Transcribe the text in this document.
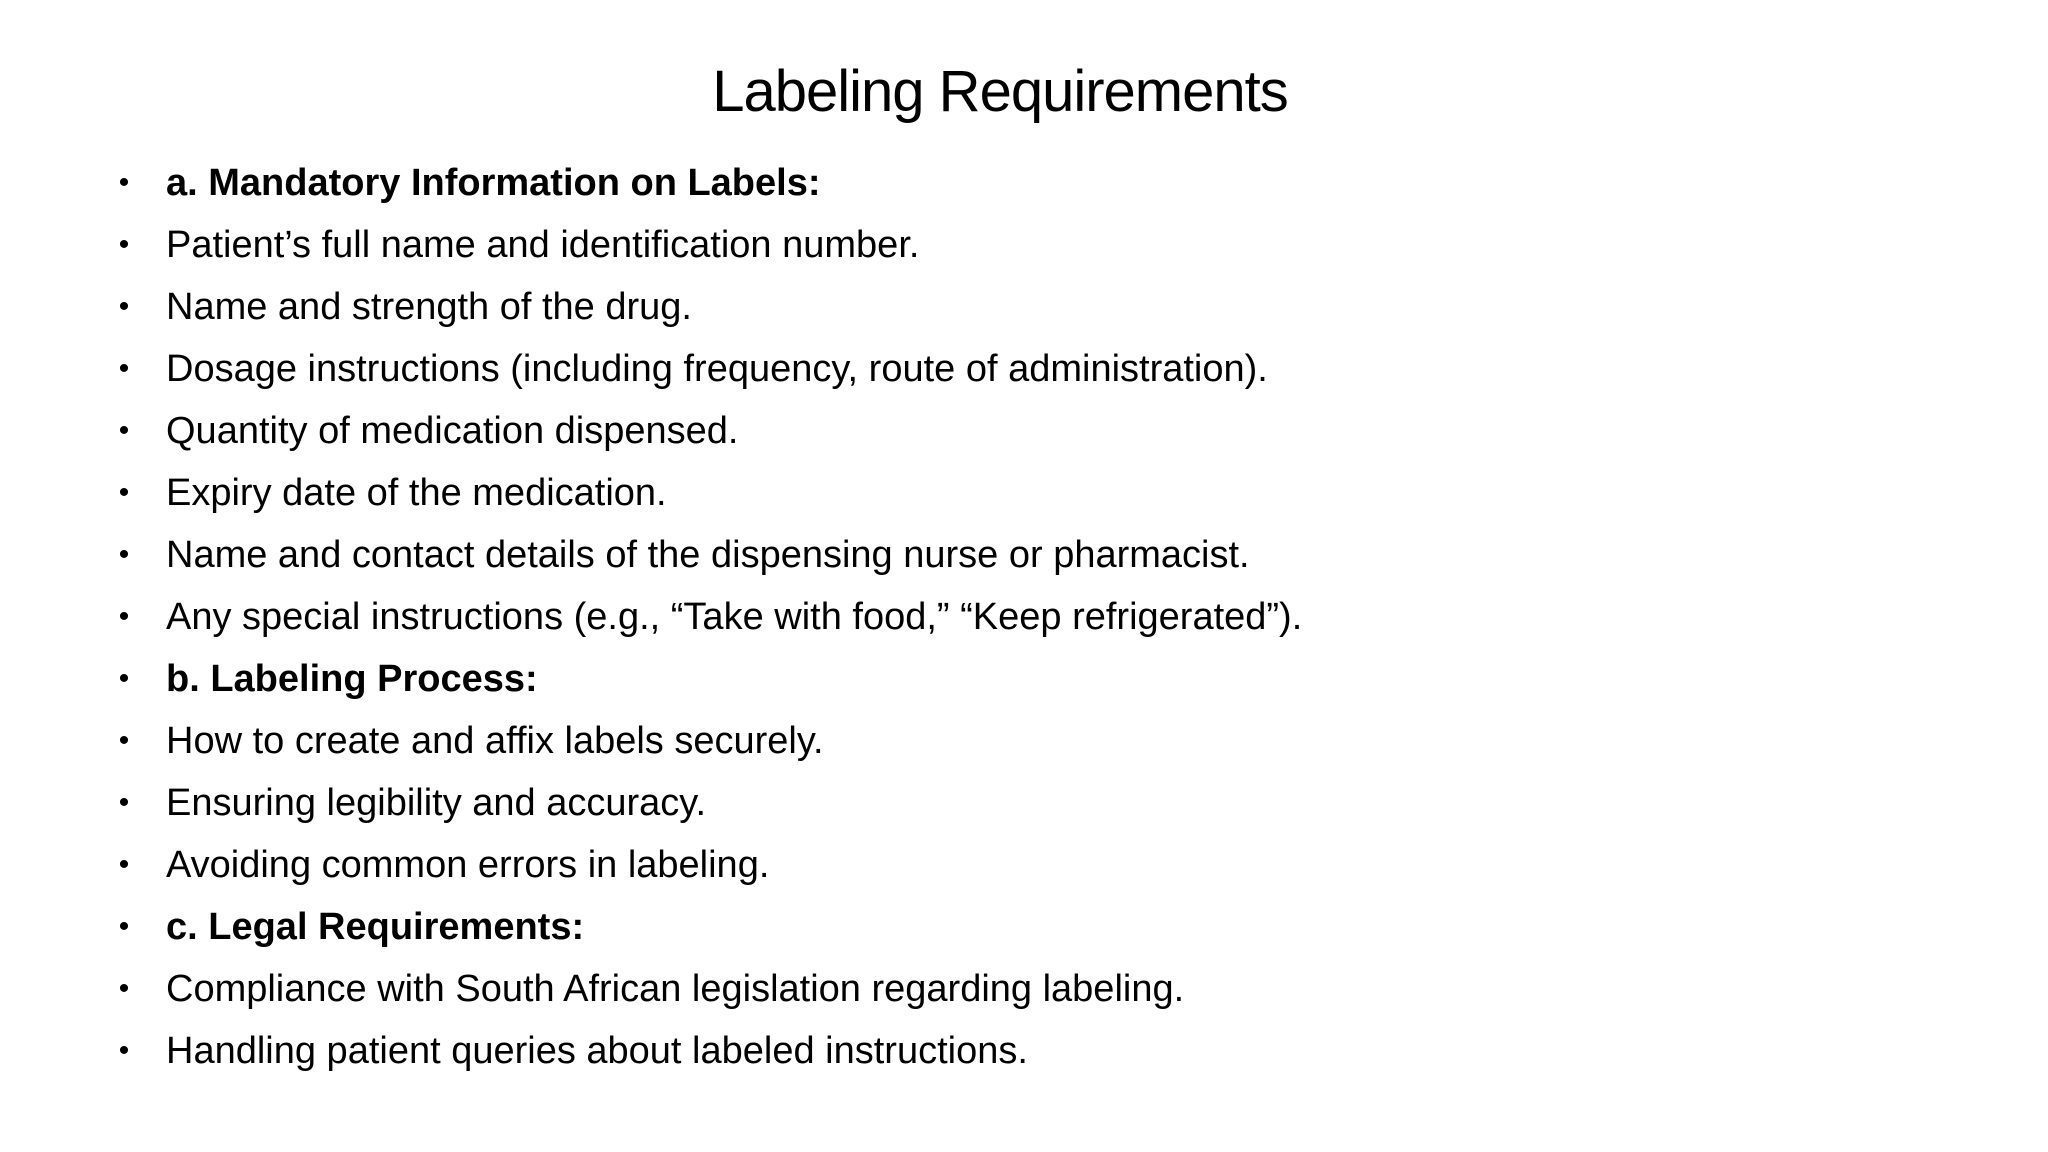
Labeling Requirements
• a. Mandatory Information on Labels:
• Patient’s full name and identification number.
• Name and strength of the drug.
• Dosage instructions (including frequency, route of administration).
• Quantity of medication dispensed.
• Expiry date of the medication.
• Name and contact details of the dispensing nurse or pharmacist.
• Any special instructions (e.g., “Take with food,” “Keep refrigerated”).
• b. Labeling Process:
• How to create and affix labels securely.
• Ensuring legibility and accuracy.
• Avoiding common errors in labeling.
• c. Legal Requirements:
• Compliance with South African legislation regarding labeling.
• Handling patient queries about labeled instructions.
